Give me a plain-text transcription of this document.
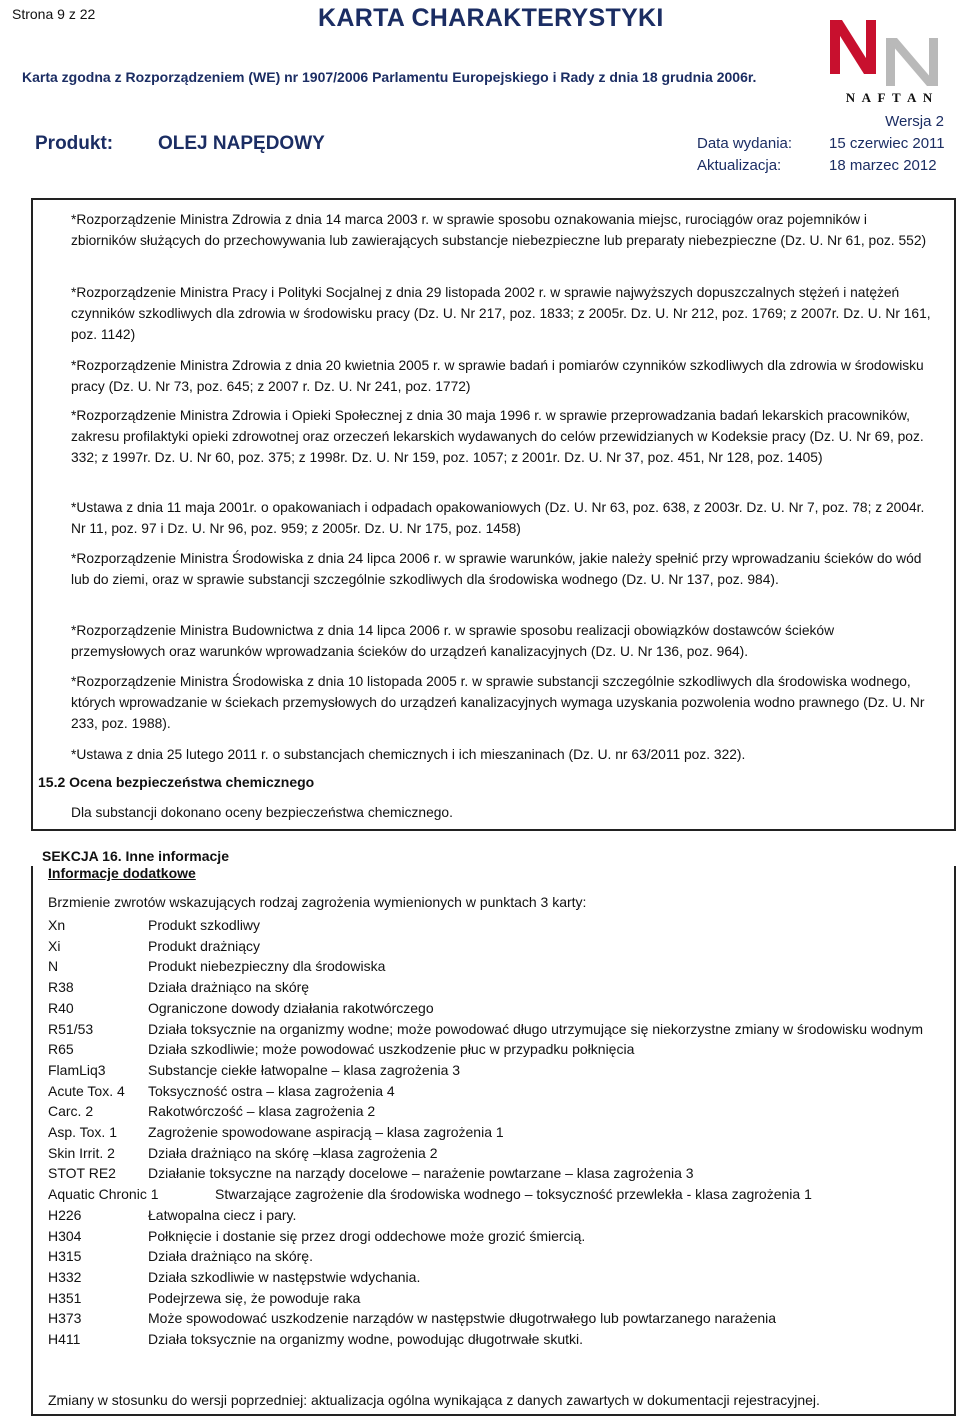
Strona 9 z 22	KARTA CHARAKTERYSTYKI
Karta zgodna z Rozporządzeniem (WE) nr 1907/2006 Parlamentu Europejskiego i Rady z dnia 18 grudnia 2006r.
Produkt: OLEJ NAPĘDOWY
Wersja 2
Data wydania: 15 czerwiec 2011
Aktualizacja:	18 marzec 2012
N A F T A N

*Rozporządzenie Ministra Zdrowia z dnia 14 marca 2003 r. w sprawie sposobu oznakowania miejsc, rurociągów oraz pojemników i zbiorników służących do przechowywania lub zawierających substancje niebezpieczne lub preparaty niebezpieczne (Dz. U. Nr 61, poz. 552)

*Rozporządzenie Ministra Pracy i Polityki Socjalnej z dnia 29 listopada 2002 r. w sprawie najwyższych dopuszczalnych stężeń i natężeń czynników szkodliwych dla zdrowia w środowisku pracy (Dz. U. Nr 217, poz. 1833; z 2005r. Dz. U. Nr 212, poz. 1769; z 2007r. Dz. U. Nr 161, poz. 1142)

*Rozporządzenie Ministra Zdrowia z dnia 20 kwietnia 2005 r. w sprawie badań i pomiarów czynników szkodliwych dla zdrowia w środowisku pracy (Dz. U. Nr 73, poz. 645; z 2007 r. Dz. U. Nr 241, poz. 1772)

*Rozporządzenie Ministra Zdrowia i Opieki Społecznej z dnia 30 maja 1996 r. w sprawie przeprowadzania badań lekarskich pracowników, zakresu profilaktyki opieki zdrowotnej oraz orzeczeń lekarskich wydawanych do celów przewidzianych w Kodeksie pracy (Dz. U. Nr 69, poz. 332; z 1997r. Dz. U. Nr 60, poz. 375; z 1998r. Dz. U. Nr 159, poz. 1057; z 2001r. Dz. U. Nr 37, poz. 451, Nr 128, poz. 1405)

*Ustawa z dnia 11 maja 2001r. o opakowaniach i odpadach opakowaniowych (Dz. U. Nr 63, poz. 638, z 2003r. Dz. U. Nr 7, poz. 78; z 2004r. Nr 11, poz. 97 i Dz. U. Nr 96, poz. 959; z 2005r. Dz. U. Nr 175, poz. 1458)

*Rozporządzenie Ministra Środowiska z dnia 24 lipca 2006 r. w sprawie warunków, jakie należy spełnić przy wprowadzaniu ścieków do wód lub do ziemi, oraz w sprawie substancji szczególnie szkodliwych dla środowiska wodnego (Dz. U. Nr 137, poz. 984).

*Rozporządzenie Ministra Budownictwa z dnia 14 lipca 2006 r. w sprawie sposobu realizacji obowiązków dostawców ścieków przemysłowych oraz warunków wprowadzania ścieków do urządzeń kanalizacyjnych (Dz. U. Nr 136, poz. 964).

*Rozporządzenie Ministra Środowiska z dnia 10 listopada 2005 r. w sprawie substancji szczególnie szkodliwych dla środowiska wodnego, których wprowadzanie w ściekach przemysłowych do urządzeń kanalizacyjnych wymaga uzyskania pozwolenia wodno prawnego (Dz. U. Nr 233, poz. 1988).

*Ustawa z dnia 25 lutego 2011 r. o substancjach chemicznych i ich mieszaninach (Dz. U. nr 63/2011 poz. 322).

15.2 Ocena bezpieczeństwa chemicznego
Dla substancji dokonano oceny bezpieczeństwa chemicznego.
SEKCJA 16. Inne informacje
Informacje dodatkowe
Brzmienie zwrotów wskazujących rodzaj zagrożenia wymienionych w punktach 3 karty:
Xn	Produkt szkodliwy
Xi	Produkt drażniący
N	Produkt niebezpieczny dla środowiska
R38	Działa drażniąco na skórę
R40	Ograniczone dowody działania rakotwórczego
R51/53	Działa toksycznie na organizmy wodne; może powodować długo utrzymujące się niekorzystne zmiany w środowisku wodnym
R65	Działa szkodliwie; może powodować uszkodzenie płuc w przypadku połknięcia
FlamLiq3	Substancje ciekłe łatwopalne – klasa zagrożenia 3
Acute Tox. 4	Toksyczność ostra – klasa zagrożenia 4
Carc. 2	Rakotwórczość – klasa zagrożenia 2
Asp. Tox. 1	Zagrożenie spowodowane aspiracją – klasa zagrożenia 1
Skin Irrit. 2	Działa drażniąco na skórę –klasa zagrożenia 2
STOT RE2	Działanie toksyczne na narządy docelowe – narażenie powtarzane – klasa zagrożenia 3
Aquatic Chronic 1	Stwarzające zagrożenie dla środowiska wodnego – toksyczność przewlekła - klasa zagrożenia 1
H226	Łatwopalna ciecz i pary.
H304	Połknięcie i dostanie się przez drogi oddechowe może grozić śmiercią.
H315	Działa drażniąco na skórę.
H332	Działa szkodliwie w następstwie wdychania.
H351	Podejrzewa się, że powoduje raka
H373	Może spowodować uszkodzenie narządów w następstwie długotrwałego lub powtarzanego narażenia
H411	Działa toksycznie na organizmy wodne, powodując długotrwałe skutki.
Zmiany w stosunku do wersji poprzedniej: aktualizacja ogólna wynikająca z danych zawartych w dokumentacji rejestracyjnej.
